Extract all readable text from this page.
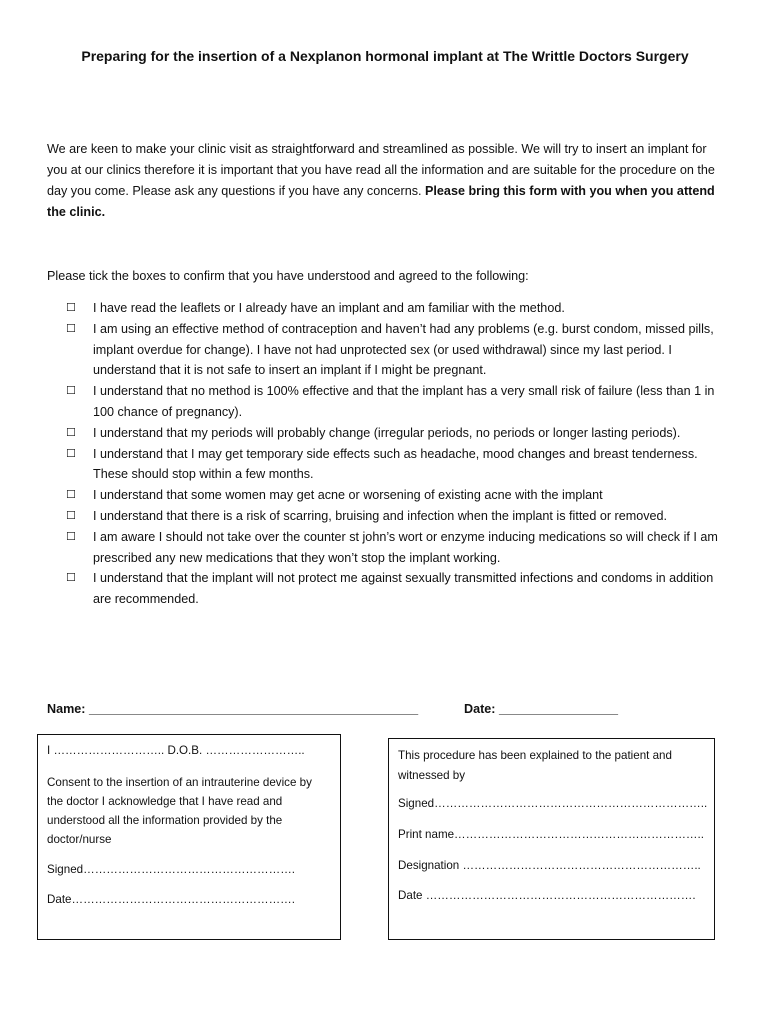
Preparing for the insertion of a Nexplanon hormonal implant at The Writtle Doctors Surgery
We are keen to make your clinic visit as straightforward and streamlined as possible. We will try to insert an implant for you at our clinics therefore it is important that you have read all the information and are suitable for the procedure on the day you come. Please ask any questions if you have any concerns. Please bring this form with you when you attend the clinic.
Please tick the boxes to confirm that you have understood and agreed to the following:
☐	I have read the leaflets or I already have an implant and am familiar with the method.
☐	I am using an effective method of contraception and haven’t had any problems (e.g. burst condom, missed pills, implant overdue for change). I have not had unprotected sex (or used withdrawal) since my last period. I understand that it is not safe to insert an implant if I might be pregnant.
☐	I understand that no method is 100% effective and that the implant has a very small risk of failure (less than 1 in 100 chance of pregnancy).
☐	I understand that my periods will probably change (irregular periods, no periods or longer lasting periods).
☐	I understand that I may get temporary side effects such as headache, mood changes and breast tenderness. These should stop within a few months.
☐	I understand that some women may get acne or worsening of existing acne with the implant
☐	I understand that there is a risk of scarring, bruising and infection when the implant is fitted or removed.
☐	I am aware I should not take over the counter st john’s wort or enzyme inducing medications so will check if I am prescribed any new medications that they won’t stop the implant working.
☐	I understand that the implant will not protect me against sexually transmitted infections and condoms in addition are recommended.
Name: _______________________________________________	Date: _________________

I ……………………….. D.O.B. ……………………..

Consent to the insertion of an intrauterine device by the doctor I acknowledge that I have read and understood all the information provided by the doctor/nurse

Signed……………………………………………….

Date………………………………………………….

This procedure has been explained to the patient and witnessed by

Signed……………………………………………………………..

Print name………………………………………………………..

Designation ……………………………………………………..

Date …………………………………………………………….
